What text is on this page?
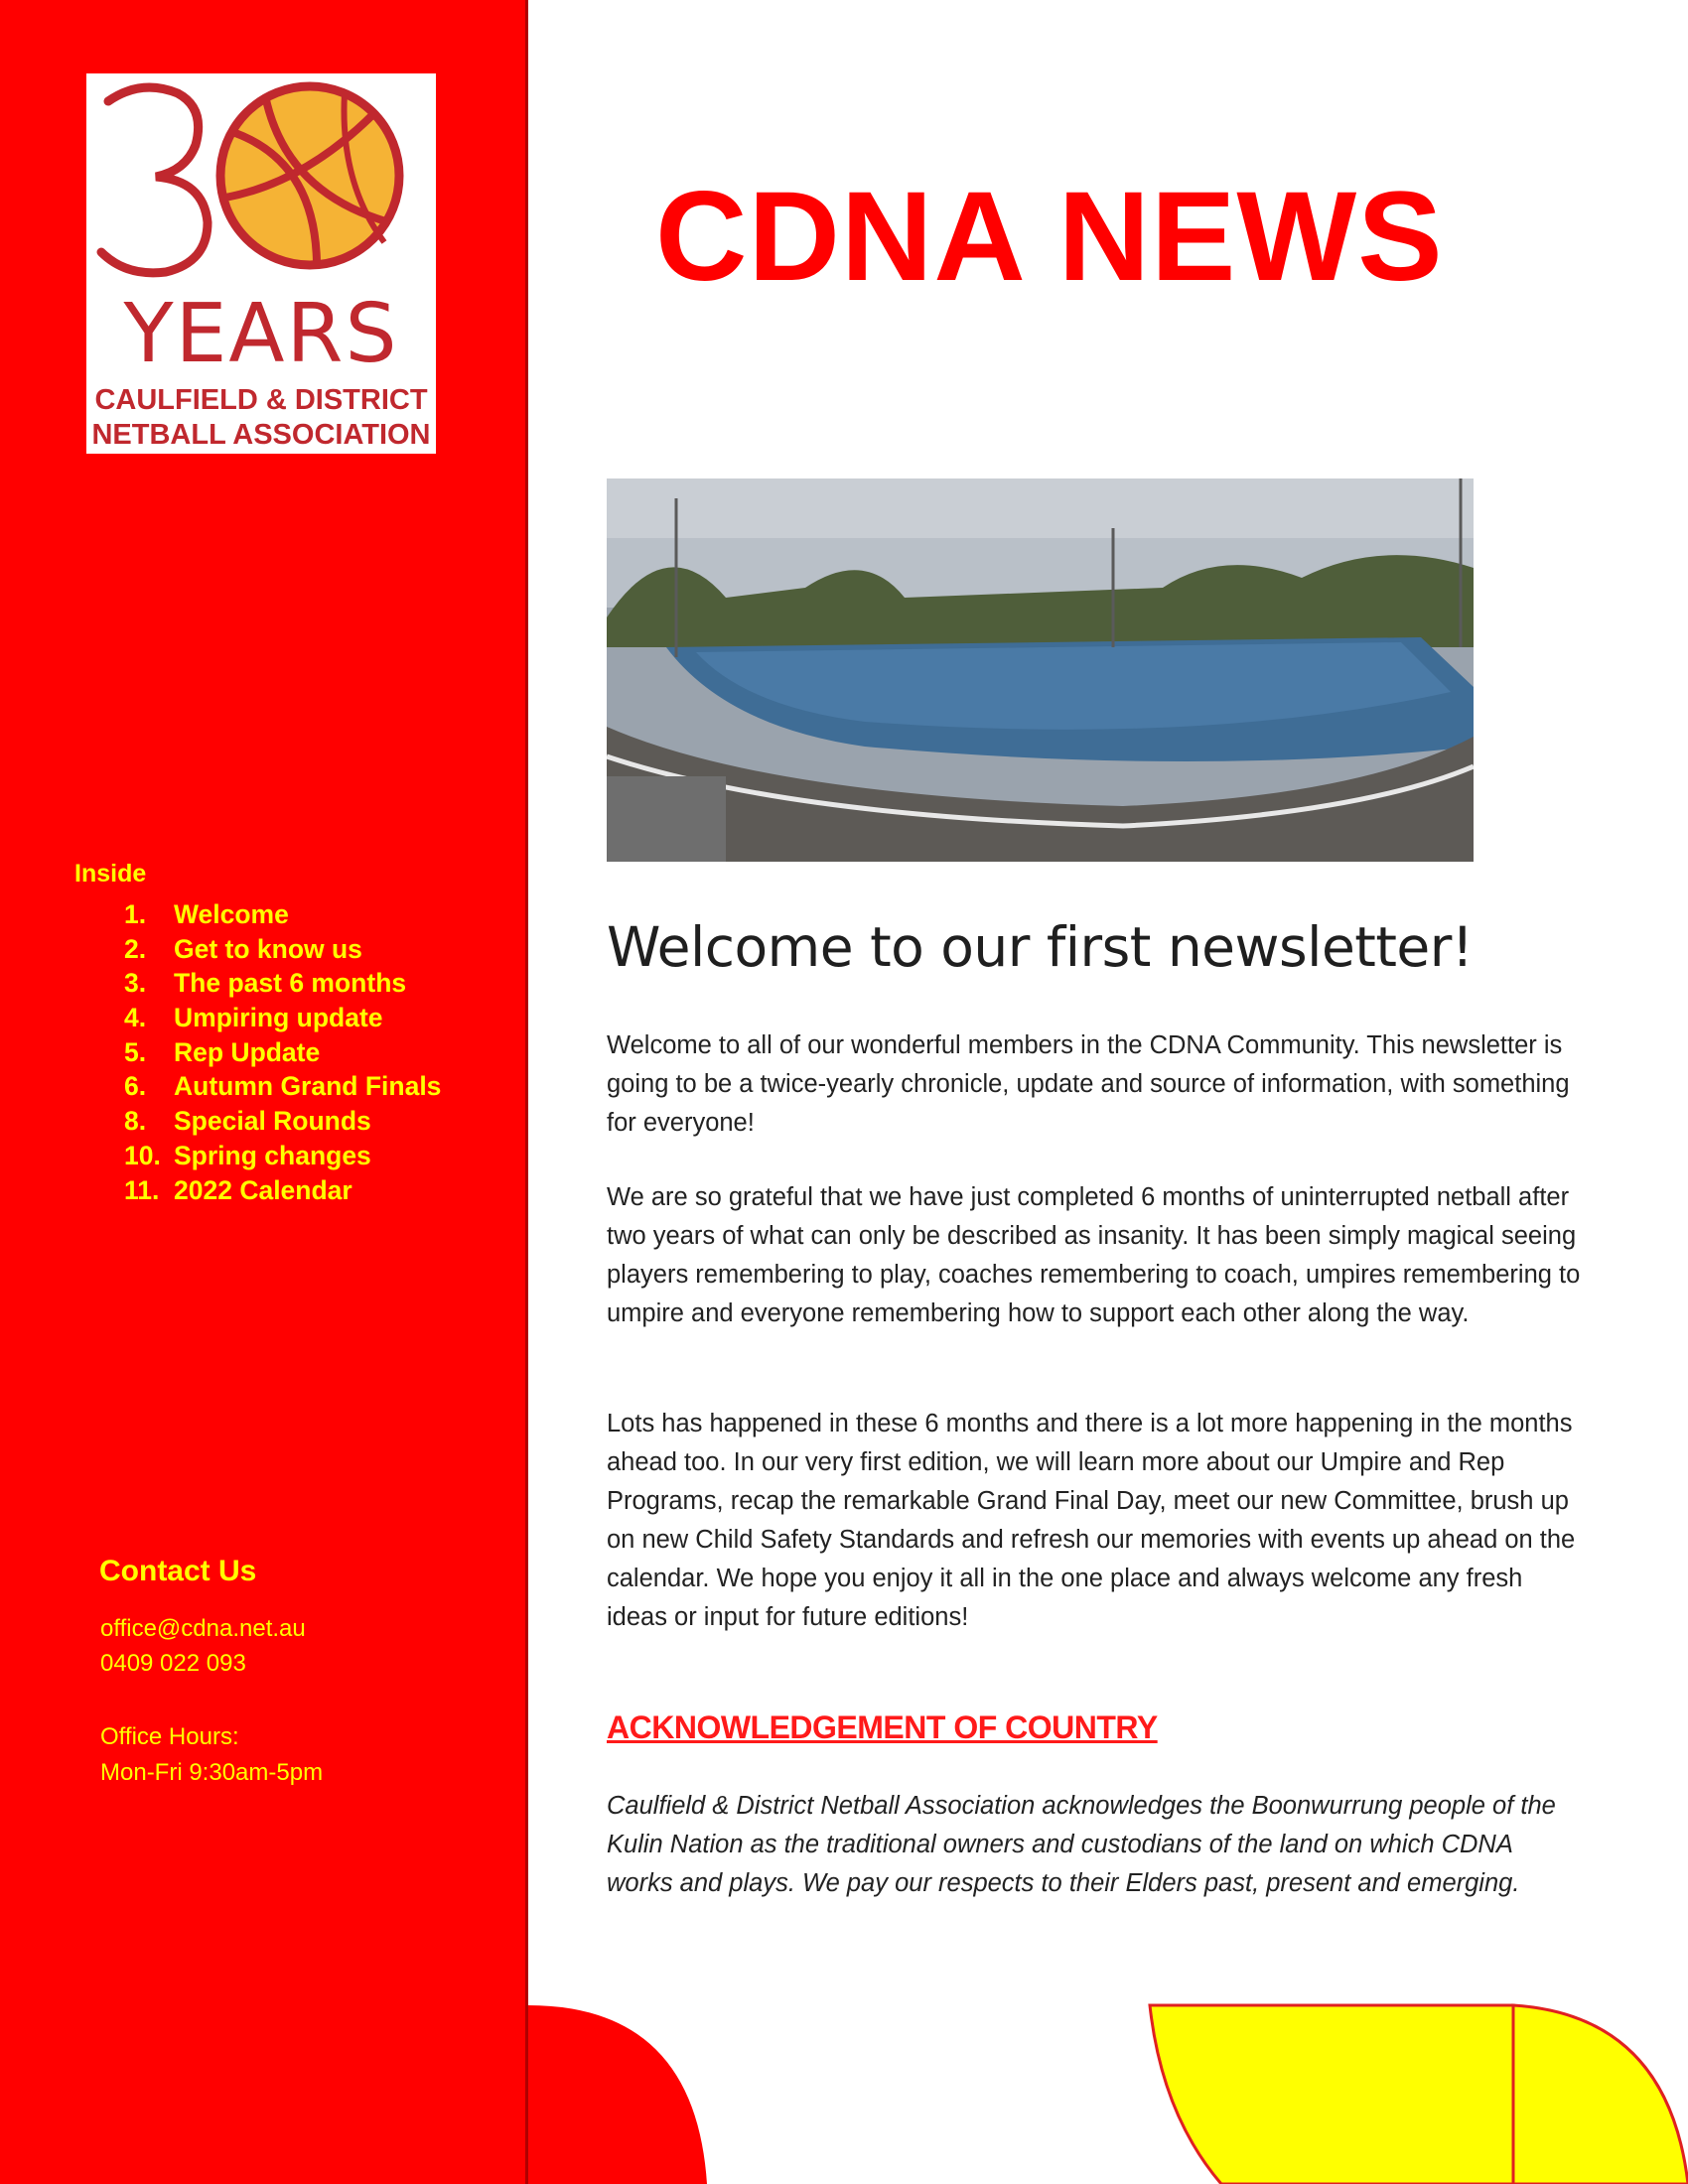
YEARS
CAULFIELD & DISTRICT
NETBALL ASSOCIATION
Inside
1. Welcome
2. Get to know us
3. The past 6 months
4. Umpiring update
5. Rep Update
6. Autumn Grand Finals
8. Special Rounds
10. Spring changes
11. 2022 Calendar
Contact Us
office@cdna.net.au
0409 022 093
Office Hours:
Mon-Fri 9:30am-5pm
CDNA NEWS
Welcome to our first newsletter!

Welcome to all of our wonderful members in the CDNA Community. This newsletter is going to be a twice-yearly chronicle, update and source of information, with something for everyone!

We are so grateful that we have just completed 6 months of uninterrupted netball after two years of what can only be described as insanity. It has been simply magical seeing players remembering to play, coaches remembering to coach, umpires remembering to umpire and everyone remembering how to support each other along the way.

Lots has happened in these 6 months and there is a lot more happening in the months ahead too. In our very first edition, we will learn more about our Umpire and Rep Programs, recap the remarkable Grand Final Day, meet our new Committee, brush up on new Child Safety Standards and refresh our memories with events up ahead on the calendar. We hope you enjoy it all in the one place and always welcome any fresh ideas or input for future editions!

ACKNOWLEDGEMENT OF COUNTRY

Caulfield & District Netball Association acknowledges the Boonwurrung people of the Kulin Nation as the traditional owners and custodians of the land on which CDNA works and plays. We pay our respects to their Elders past, present and emerging.
